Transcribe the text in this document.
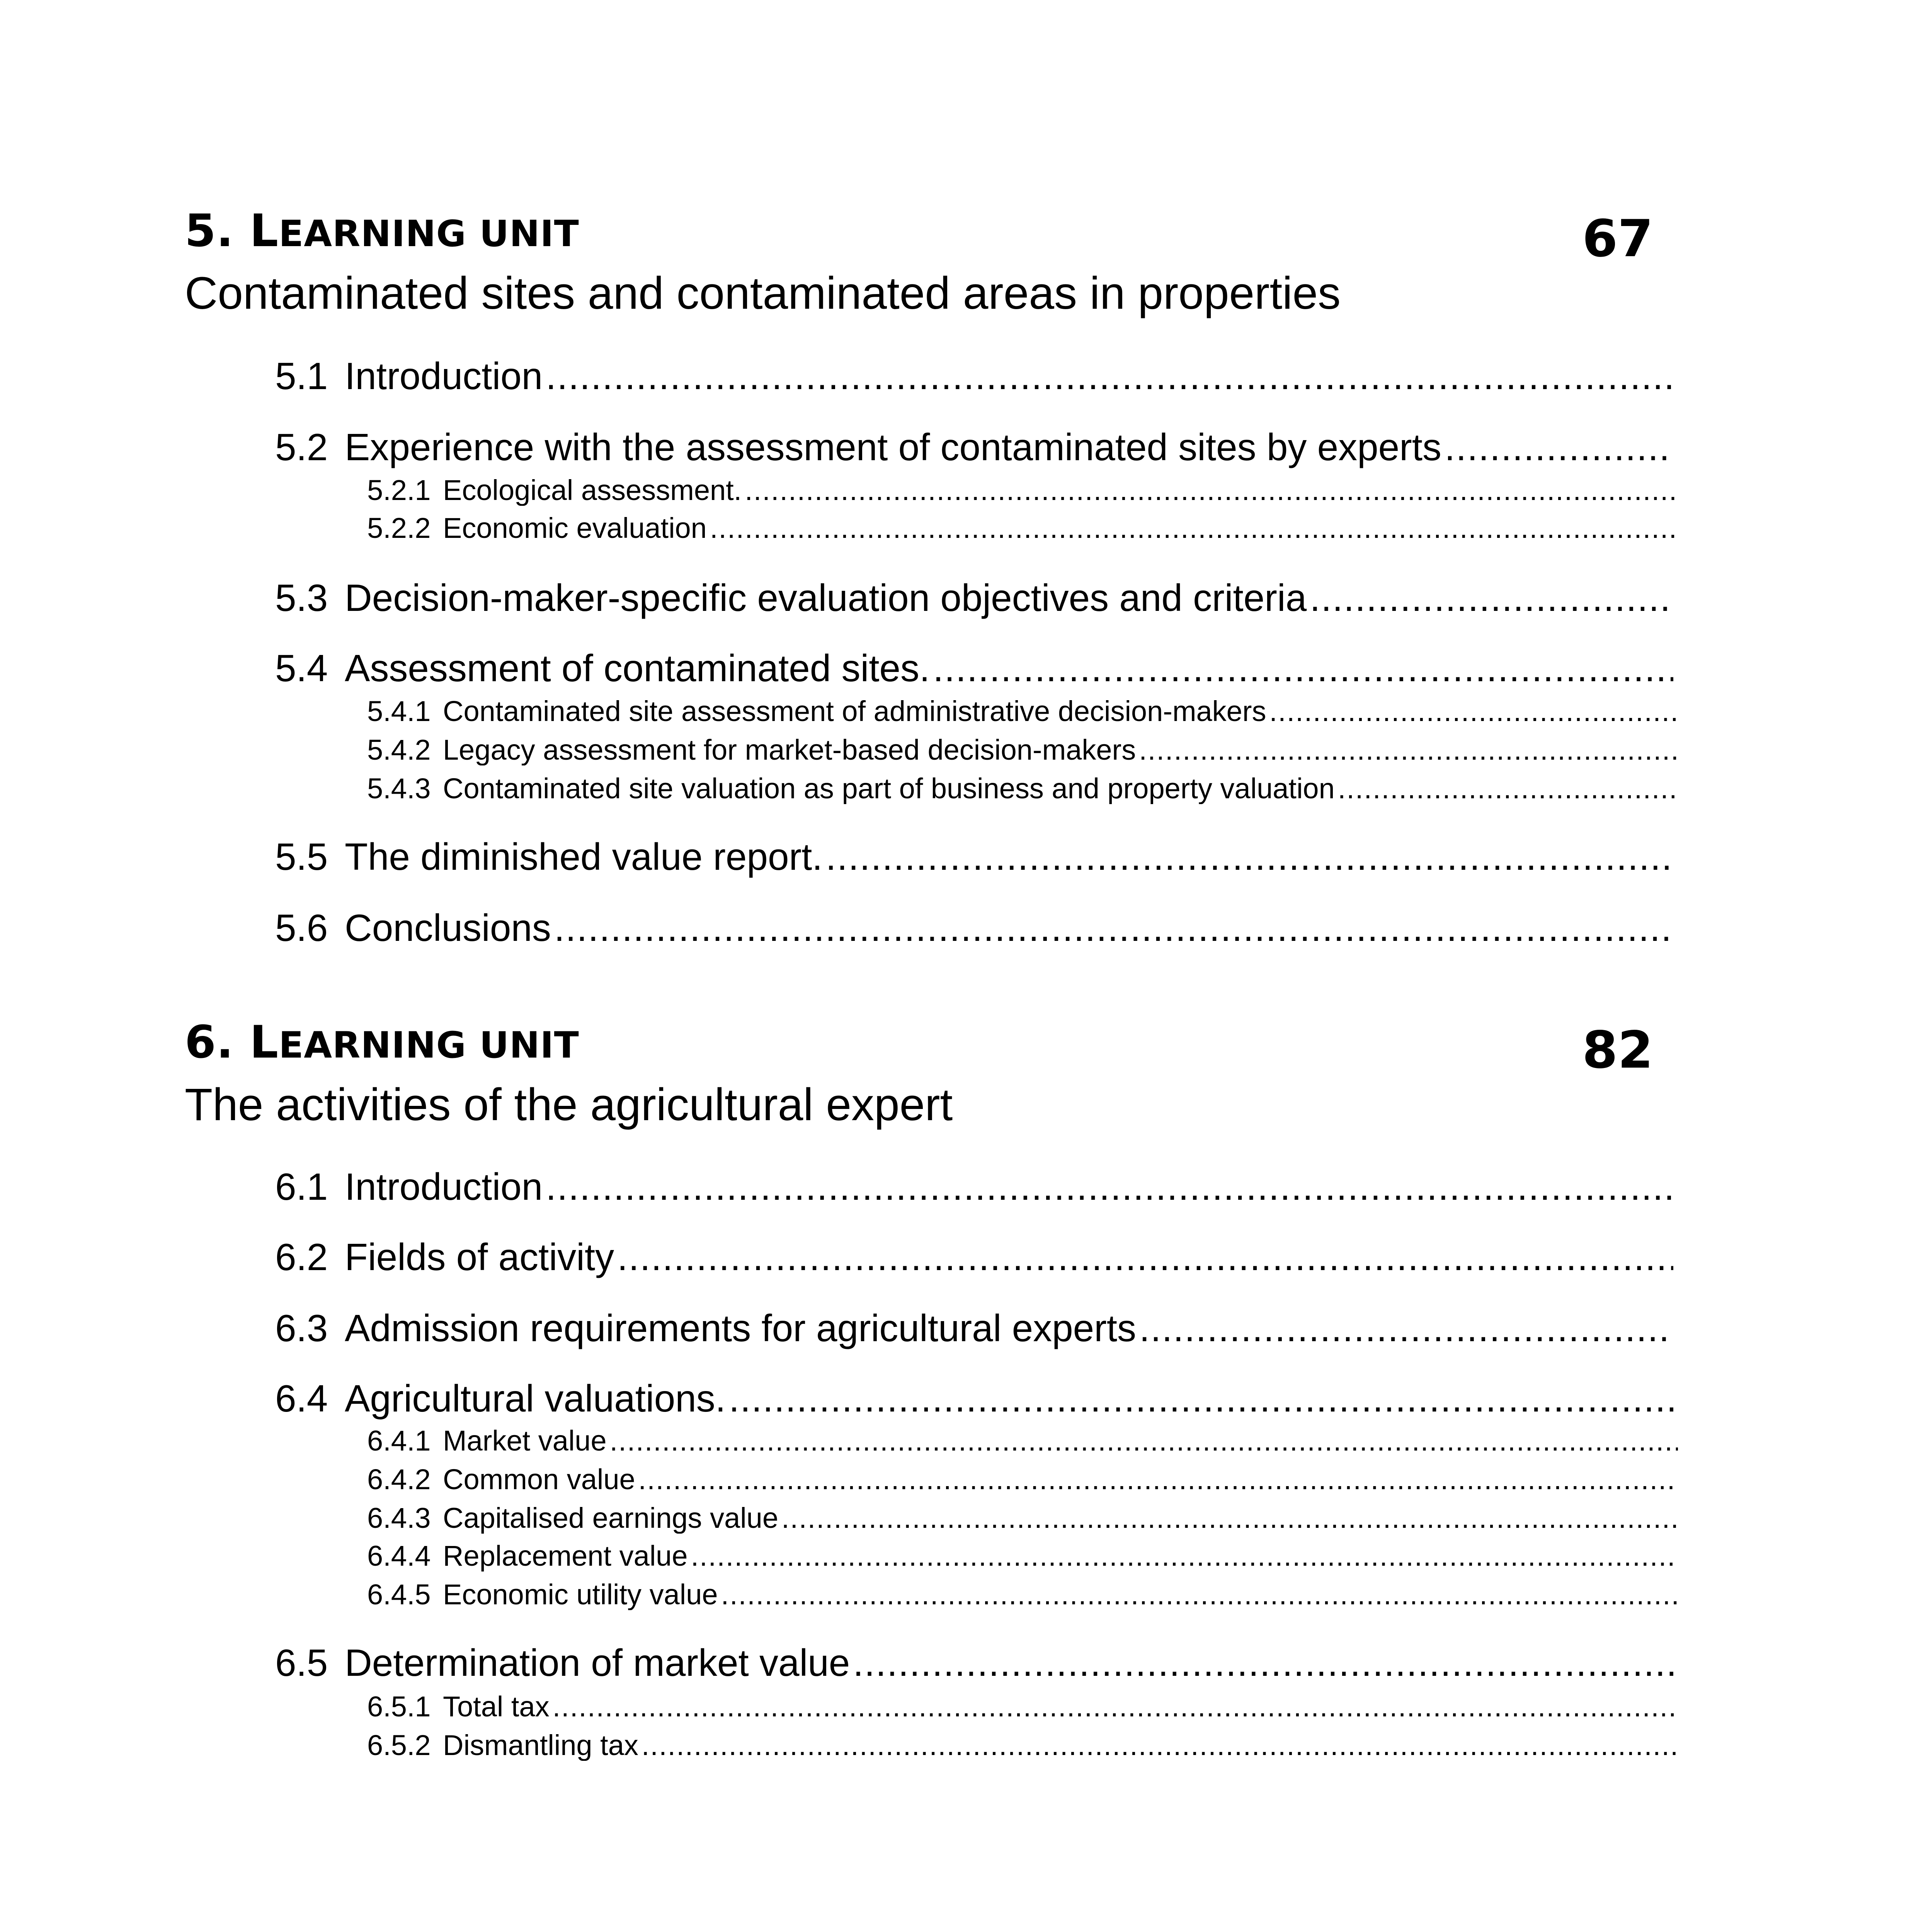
5. LEARNING UNIT	67
Contaminated sites and contaminated areas in properties
5.1 Introduction
.....
5.2 Experience with the assessment of contaminated sites by experts
.....
5.2.1 Ecological assessment.
.....
5.2.2 Economic evaluation
.....
5.3 Decision-maker-specific evaluation objectives and criteria
.....
5.4 Assessment of contaminated sites.
.....
5.4.1 Contaminated site assessment of administrative decision-makers
.....
5.4.2 Legacy assessment for market-based decision-makers
.....
5.4.3 Contaminated site valuation as part of business and property valuation
.....
5.5 The diminished value report.
.....
5.6 Conclusions
.....
6. LEARNING UNIT	82
The activities of the agricultural expert
6.1 Introduction
.....
6.2 Fields of activity
.....
6.3 Admission requirements for agricultural experts
.....
6.4 Agricultural valuations.
.....
6.4.1 Market value
.....
6.4.2 Common value
.....
6.4.3 Capitalised earnings value
.....
6.4.4 Replacement value
.....
6.4.5 Economic utility value
.....
6.5 Determination of market value
.....
6.5.1 Total tax
.....
6.5.2 Dismantling tax
.....
